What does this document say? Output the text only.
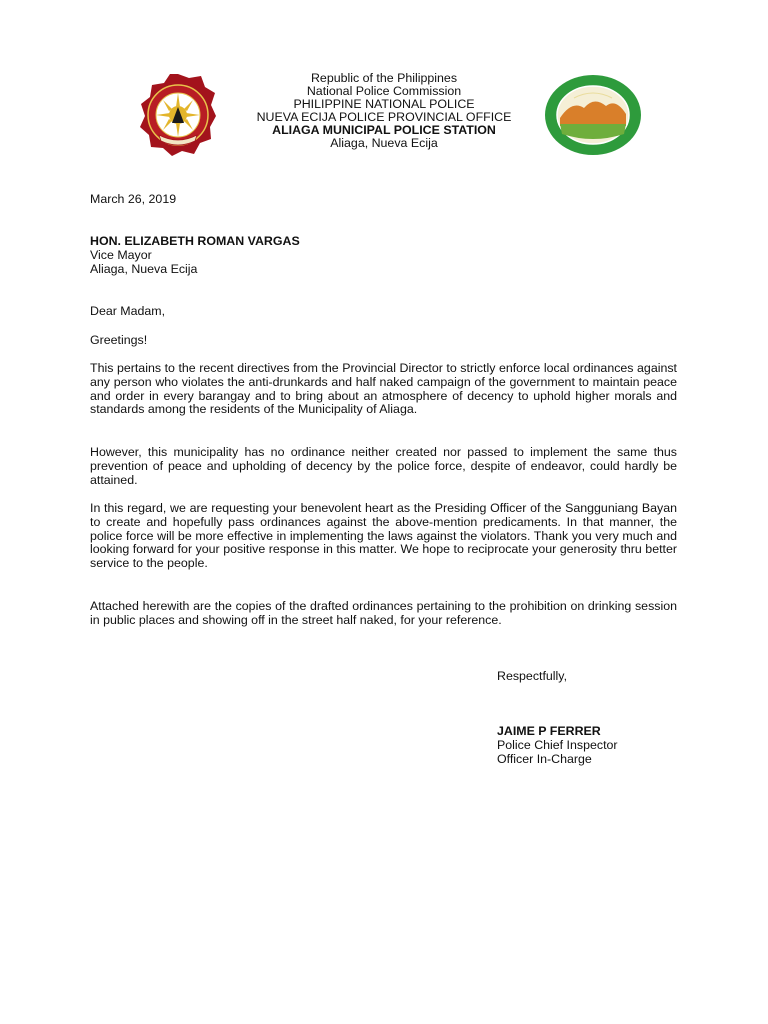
Republic of the Philippines
National Police Commission
PHILIPPINE NATIONAL POLICE
NUEVA ECIJA POLICE PROVINCIAL OFFICE
ALIAGA MUNICIPAL POLICE STATION
Aliaga, Nueva Ecija
March 26, 2019
HON. ELIZABETH ROMAN VARGAS
Vice Mayor
Aliaga, Nueva Ecija
Dear Madam,
Greetings!
This pertains to the recent directives from the Provincial Director to strictly enforce local ordinances against any person who violates the anti-drunkards and half naked campaign of the government to maintain peace and order in every barangay and to bring about an atmosphere of decency to uphold higher morals and standards among the residents of the Municipality of Aliaga.
However, this municipality has no ordinance neither created nor passed to implement the same thus prevention of peace and upholding of decency by the police force, despite of endeavor, could hardly be attained.
In this regard, we are requesting your benevolent heart as the Presiding Officer of the Sangguniang Bayan to create and hopefully pass ordinances against the above-mention predicaments. In that manner, the police force will be more effective in implementing the laws against the violators. Thank you very much and looking forward for your positive response in this matter. We hope to reciprocate your generosity thru better service to the people.
Attached herewith are the copies of the drafted ordinances pertaining to the prohibition on drinking session in public places and showing off in the street half naked, for your reference.
Respectfully,
JAIME P FERRER
Police Chief Inspector
Officer In-Charge
